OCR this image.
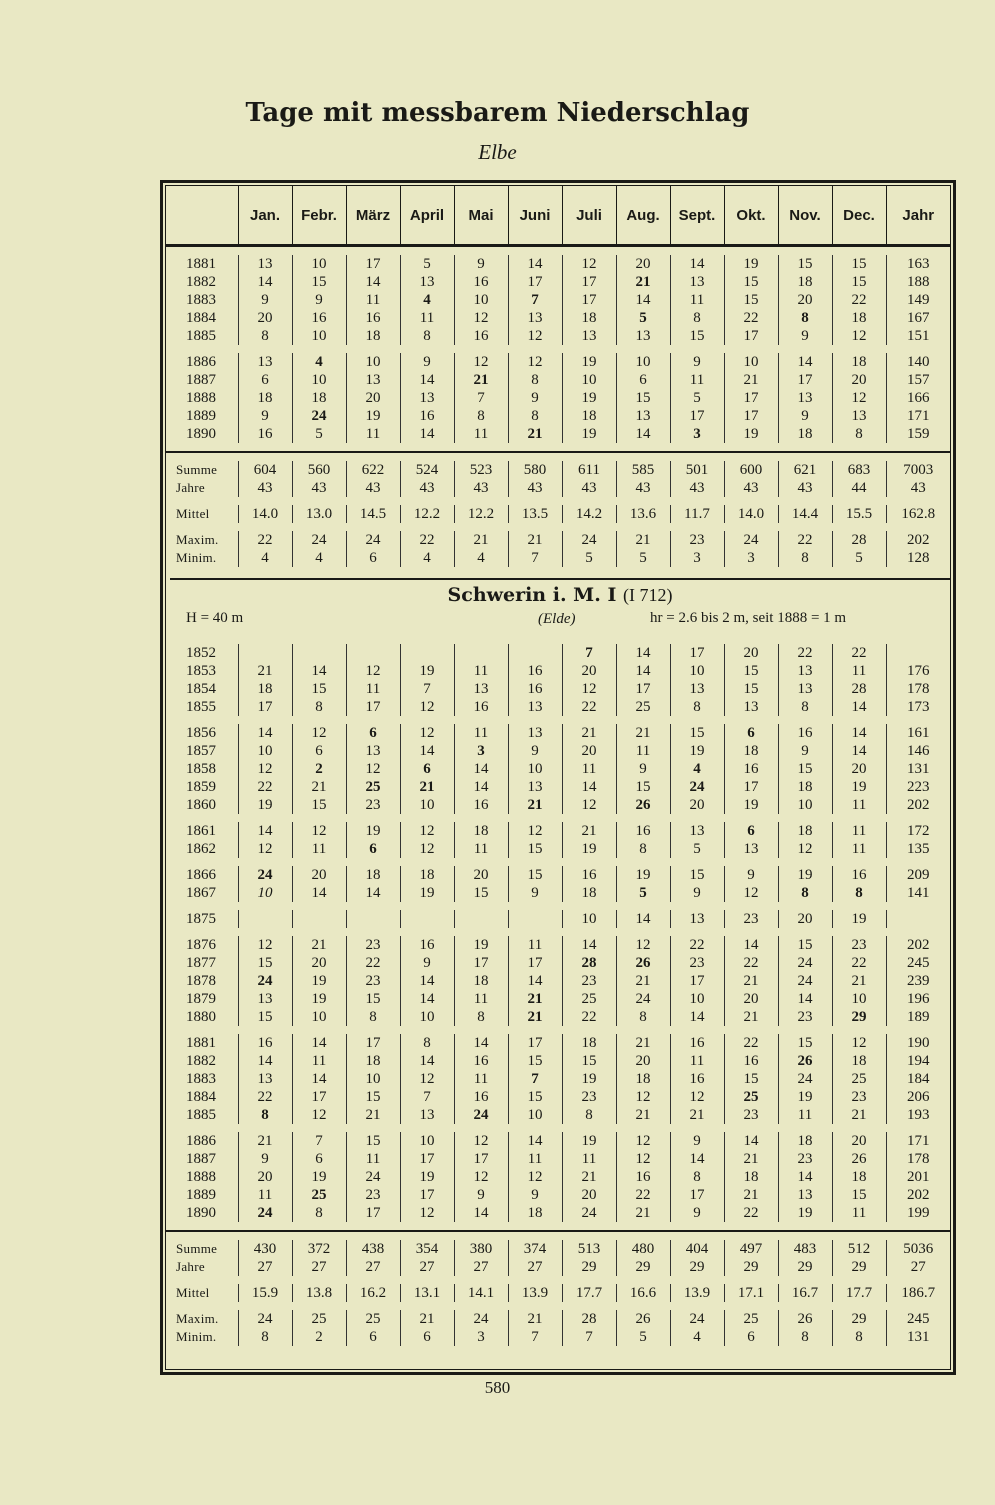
Tage mit messbarem Niederschlag
Elbe
	Jan.	Febr.	März	April	Mai	Juni	Juli	Aug.	Sept.	Okt.	Nov.	Dec.	Jahr

1881	13	10	17	5	9	14	12	20	14	19	15	15	163
1882	14	15	14	13	16	17	17	21	13	15	18	15	188
1883	9	9	11	4	10	7	17	14	11	15	20	22	149
1884	20	16	16	11	12	13	18	5	8	22	8	18	167
1885	8	10	18	8	16	12	13	13	15	17	9	12	151

1886	13	4	10	9	12	12	19	10	9	10	14	18	140
1887	6	10	13	14	21	8	10	6	11	21	17	20	157
1888	18	18	20	13	7	9	19	15	5	17	13	12	166
1889	9	24	19	16	8	8	18	13	17	17	9	13	171
1890	16	5	11	14	11	21	19	14	3	19	18	8	159

Summe	604	560	622	524	523	580	611	585	501	600	621	683	7003
Jahre	43	43	43	43	43	43	43	43	43	43	43	44	43

Mittel	14.0	13.0	14.5	12.2	12.2	13.5	14.2	13.6	11.7	14.0	14.4	15.5	162.8

Maxim.	22	24	24	22	21	21	24	21	23	24	22	28	202
Minim.	4	4	6	4	4	7	5	5	3	3	8	5	128
Schwerin i. M. I (I 712)
H = 40 m	(Elde)	hr = 2.6 bis 2 m, seit 1888 = 1 m

1852							7	14	17	20	22	22	
1853	21	14	12	19	11	16	20	14	10	15	13	11	176
1854	18	15	11	7	13	16	12	17	13	15	13	28	178
1855	17	8	17	12	16	13	22	25	8	13	8	14	173

1856	14	12	6	12	11	13	21	21	15	6	16	14	161
1857	10	6	13	14	3	9	20	11	19	18	9	14	146
1858	12	2	12	6	14	10	11	9	4	16	15	20	131
1859	22	21	25	21	14	13	14	15	24	17	18	19	223
1860	19	15	23	10	16	21	12	26	20	19	10	11	202

1861	14	12	19	12	18	12	21	16	13	6	18	11	172
1862	12	11	6	12	11	15	19	8	5	13	12	11	135

1866	24	20	18	18	20	15	16	19	15	9	19	16	209
1867	10	14	14	19	15	9	18	5	9	12	8	8	141

1875							10	14	13	23	20	19	

1876	12	21	23	16	19	11	14	12	22	14	15	23	202
1877	15	20	22	9	17	17	28	26	23	22	24	22	245
1878	24	19	23	14	18	14	23	21	17	21	24	21	239
1879	13	19	15	14	11	21	25	24	10	20	14	10	196
1880	15	10	8	10	8	21	22	8	14	21	23	29	189

1881	16	14	17	8	14	17	18	21	16	22	15	12	190
1882	14	11	18	14	16	15	15	20	11	16	26	18	194
1883	13	14	10	12	11	7	19	18	16	15	24	25	184
1884	22	17	15	7	16	15	23	12	12	25	19	23	206
1885	8	12	21	13	24	10	8	21	21	23	11	21	193

1886	21	7	15	10	12	14	19	12	9	14	18	20	171
1887	9	6	11	17	17	11	11	12	14	21	23	26	178
1888	20	19	24	19	12	12	21	16	8	18	14	18	201
1889	11	25	23	17	9	9	20	22	17	21	13	15	202
1890	24	8	17	12	14	18	24	21	9	22	19	11	199

Summe	430	372	438	354	380	374	513	480	404	497	483	512	5036
Jahre	27	27	27	27	27	27	29	29	29	29	29	29	27

Mittel	15.9	13.8	16.2	13.1	14.1	13.9	17.7	16.6	13.9	17.1	16.7	17.7	186.7

Maxim.	24	25	25	21	24	21	28	26	24	25	26	29	245
Minim.	8	2	6	6	3	7	7	5	4	6	8	8	131
580
